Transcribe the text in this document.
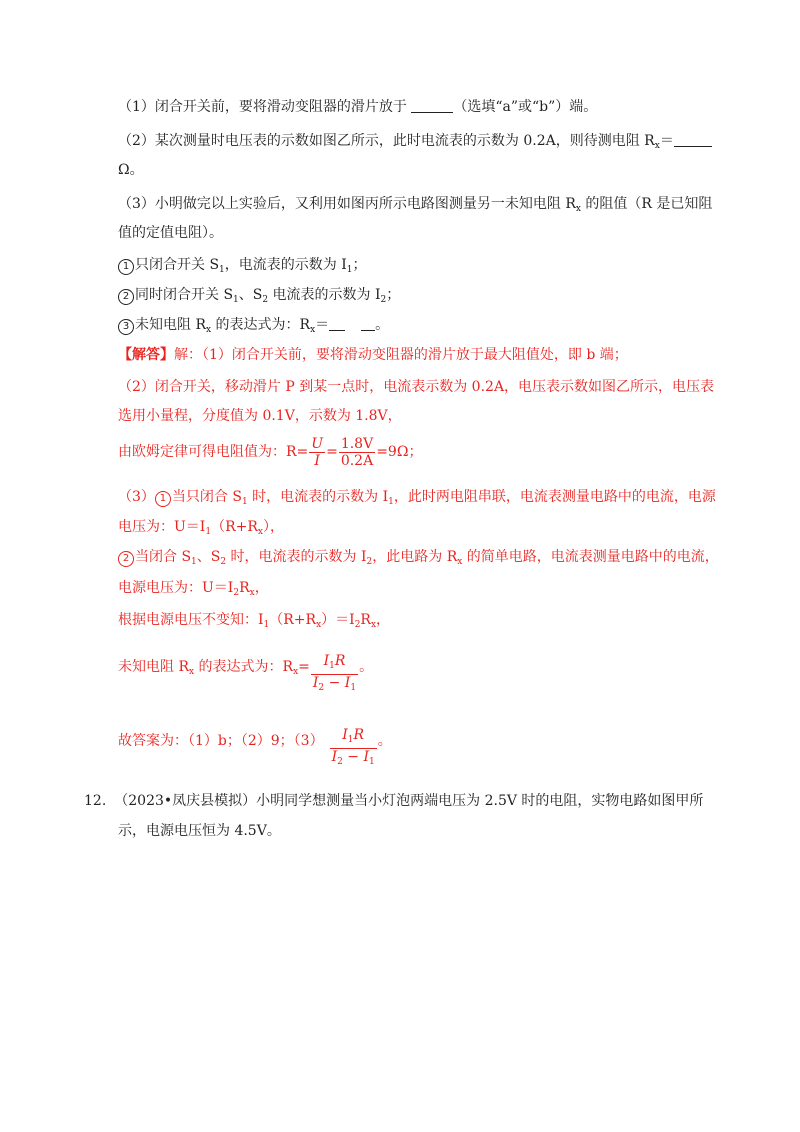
（1）闭合开关前，要将滑动变阻器的滑片放于	（选填“a”或“b”）端。
（2）某次测量时电压表的示数如图乙所示，此时电流表的示数为 0.2A，则待测电阻 $R_x=$
Ω。
（3）小明做完以上实验后，又利用如图丙所示电路图测量另一未知电阻 $R_x$ 的阻值（R 是已知阻
值的定值电阻）。
1 只闭合开关 $S_1$，电流表的示数为 $I_1$；
2 同时闭合开关 $S_1$、$S_2$ 电流表的示数为 $I_2$；
3 未知电阻 $R_x$ 的表达式为：$R_x=$	。
【解答】解：（1）闭合开关前，要将滑动变阻器的滑片放于最大阻值处，即 b 端；
（2）闭合开关，移动滑片 P 到某一点时，电流表示数为 0.2A，电压表示数如图乙所示，电压表
选用小量程，分度值为 0.1V，示数为 1.8V，
由欧姆定律可得电阻值为：$R= \frac{U}{I} = \frac{1.8V}{0.2A} =9\Omega$；
（3） 1 当只闭合 $S_1$ 时，电流表的示数为 $I_1$，此时两电阻串联，电流表测量电路中的电流，电源
电压为：$U=I_1(R+R_x)$，
2 当闭合 $S_1$、$S_2$ 时，电流表的示数为 $I_2$，此电路为 $R_x$ 的简单电路，电流表测量电路中的电流，
电源电压为：$U=I_2R_x$，
根据电源电压不变知：$I_1(R+R_x)=I_2R_x$，
未知电阻 $R_x$ 的表达式为：$R_x= \frac{I_1R}{I_2 - I_1}$ 。
故答案为：（1）b；（2）9；$(3) \frac{I_1R}{I_2 - I_1}$ 。
12. （2023•凤庆县模拟）小明同学想测量当小灯泡两端电压为 2.5V 时的电阻，实物电路如图甲所
示，电源电压恒为 4.5V。
